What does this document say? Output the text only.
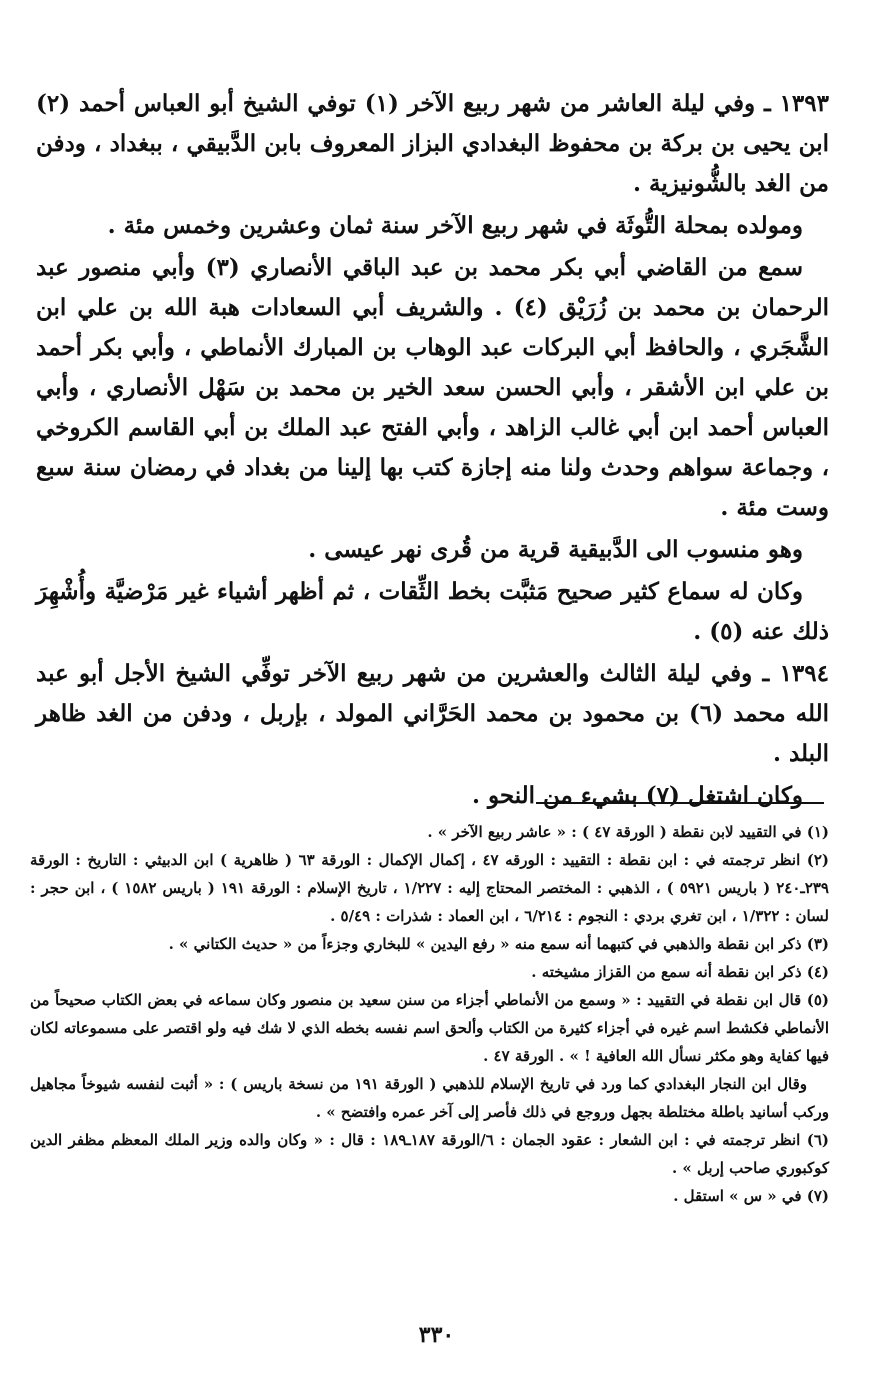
١٣٩٣ ـ وفي ليلة العاشر من شهر ربيع الآخر (١) توفي الشيخ أبو العباس أحمد (٢) ابن يحيى بن بركة بن محفوظ البغدادي البزاز المعروف بابن الدَّبيقي ، ببغداد ، ودفن من الغد بالشُّونيزية .

ومولده بمحلة التُّوثَة في شهر ربيع الآخر سنة ثمان وعشرين وخمس مئة .

سمع من القاضي أبي بكر محمد بن عبد الباقي الأنصاري (٣) وأبي منصور عبد الرحمان بن محمد بن زُرَيْق (٤) . والشريف أبي السعادات هبة الله بن علي ابن الشَّجَري ، والحافظ أبي البركات عبد الوهاب بن المبارك الأنماطي ، وأبي بكر أحمد بن علي ابن الأشقر ، وأبي الحسن سعد الخير بن محمد بن سَهْل الأنصاري ، وأبي العباس أحمد ابن أبي غالب الزاهد ، وأبي الفتح عبد الملك بن أبي القاسم الكروخي ، وجماعة سواهم وحدث ولنا منه إجازة كتب بها إلينا من بغداد في رمضان سنة سبع وست مئة .

وهو منسوب الى الدَّبيقية قرية من قُرى نهر عيسى .

وكان له سماع كثير صحيح مَثبَّت بخط الثِّقات ، ثم أظهر أشياء غير مَرْضيَّة وأُشْهِرَ ذلك عنه (٥) .

١٣٩٤ ـ وفي ليلة الثالث والعشرين من شهر ربيع الآخر توفِّي الشيخ الأجل أبو عبد الله محمد (٦) بن محمود بن محمد الحَرَّاني المولد ، بإربل ، ودفن من الغد ظاهر البلد .

وكان اشتغل (٧) بشيء من النحو .

(١) في التقييد لابن نقطة ( الورقة ٤٧ ) : « عاشر ربيع الآخر » .

(٢) انظر ترجمته في : ابن نقطة : التقييد : الورقه ٤٧ ، إكمال الإكمال : الورقة ٦٣ ( ظاهرية ) ابن الدبيثي : التاريخ : الورقة ٢٣٩ـ٢٤٠ ( باريس ٥٩٢١ ) ، الذهبي : المختصر المحتاج إليه : ١/٢٢٧ ، تاريخ الإسلام : الورقة ١٩١ ( باريس ١٥٨٢ ) ، ابن حجر : لسان : ١/٣٢٢ ، ابن تغري بردي : النجوم : ٦/٢١٤ ، ابن العماد : شذرات : ٥/٤٩ .

(٣) ذكر ابن نقطة والذهبي في كتبهما أنه سمع منه « رفع اليدين » للبخاري وجزءاً من « حديث الكتاني » .

(٤) ذكر ابن نقطة أنه سمع من القزاز مشيخته .

(٥) قال ابن نقطة في التقييد : « وسمع من الأنماطي أجزاء من سنن سعيد بن منصور وكان سماعه في بعض الكتاب صحيحاً من الأنماطي فكشط اسم غيره في أجزاء كثيرة من الكتاب وألحق اسم نفسه بخطه الذي لا شك فيه ولو اقتصر على مسموعاته لكان فيها كفاية وهو مكثر نسأل الله العافية ! » . الورقة ٤٧ .

وقال ابن النجار البغدادي كما ورد في تاريخ الإسلام للذهبي ( الورقة ١٩١ من نسخة باريس ) : « أثبت لنفسه شيوخاً مجاهيل وركب أسانيد باطلة مختلطة بجهل وروجع في ذلك فأصر إلى آخر عمره وافتضح » .

(٦) انظر ترجمته في : ابن الشعار : عقود الجمان : ٦/الورقة ١٨٧ـ١٨٩ : قال : « وكان والده وزير الملك المعظم مظفر الدين كوكبوري صاحب إربل » .

(٧) في « س » استقل .

٣٣٠
